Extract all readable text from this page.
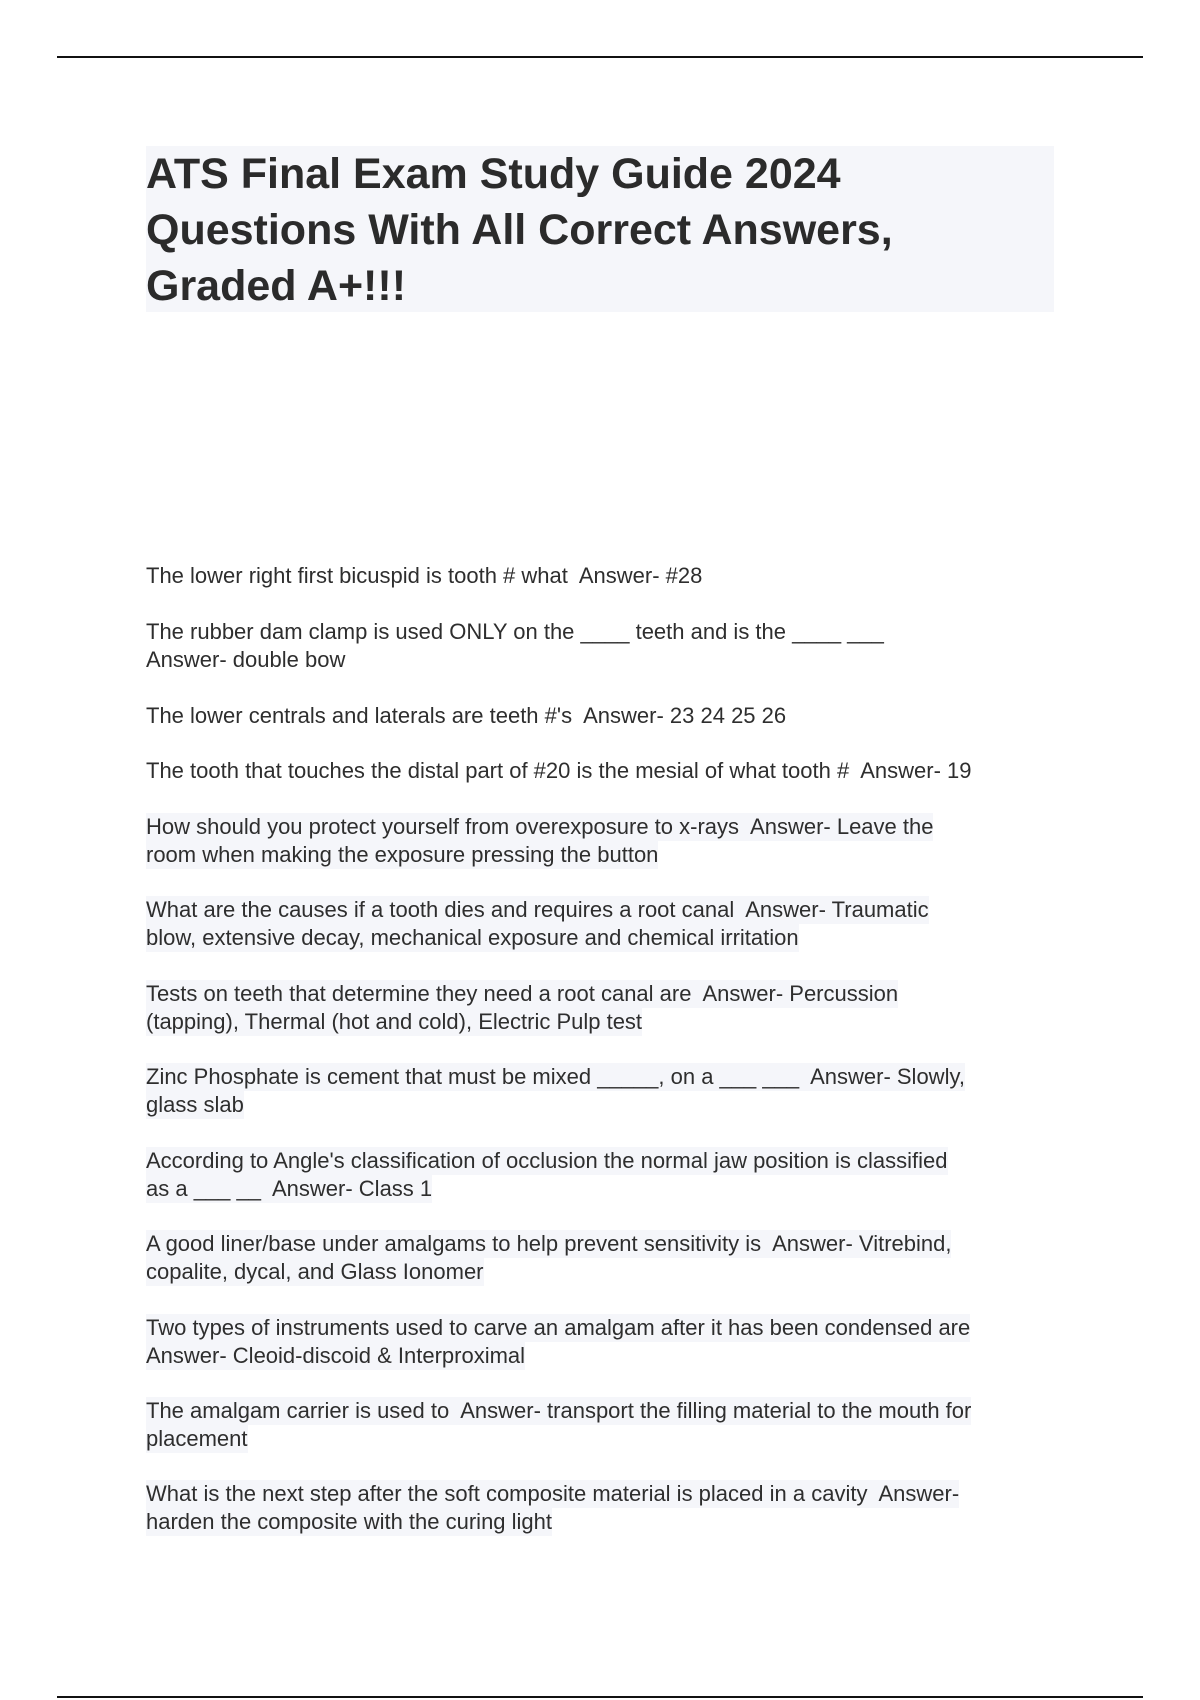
ATS Final Exam Study Guide 2024
Questions With All Correct Answers,
Graded A+!!!
The lower right first bicuspid is tooth # what  Answer- #28
The rubber dam clamp is used ONLY on the ____ teeth and is the ____ ___
Answer- double bow
The lower centrals and laterals are teeth #'s  Answer- 23 24 25 26
The tooth that touches the distal part of #20 is the mesial of what tooth #  Answer- 19
How should you protect yourself from overexposure to x-rays  Answer- Leave the
room when making the exposure pressing the button
What are the causes if a tooth dies and requires a root canal  Answer- Traumatic
blow, extensive decay, mechanical exposure and chemical irritation
Tests on teeth that determine they need a root canal are  Answer- Percussion
(tapping), Thermal (hot and cold), Electric Pulp test
Zinc Phosphate is cement that must be mixed _____, on a ___ ___  Answer- Slowly,
glass slab
According to Angle's classification of occlusion the normal jaw position is classified
as a ___ __  Answer- Class 1
A good liner/base under amalgams to help prevent sensitivity is  Answer- Vitrebind,
copalite, dycal, and Glass Ionomer
Two types of instruments used to carve an amalgam after it has been condensed are
Answer- Cleoid-discoid & Interproximal
The amalgam carrier is used to  Answer- transport the filling material to the mouth for
placement
What is the next step after the soft composite material is placed in a cavity  Answer-
harden the composite with the curing light
